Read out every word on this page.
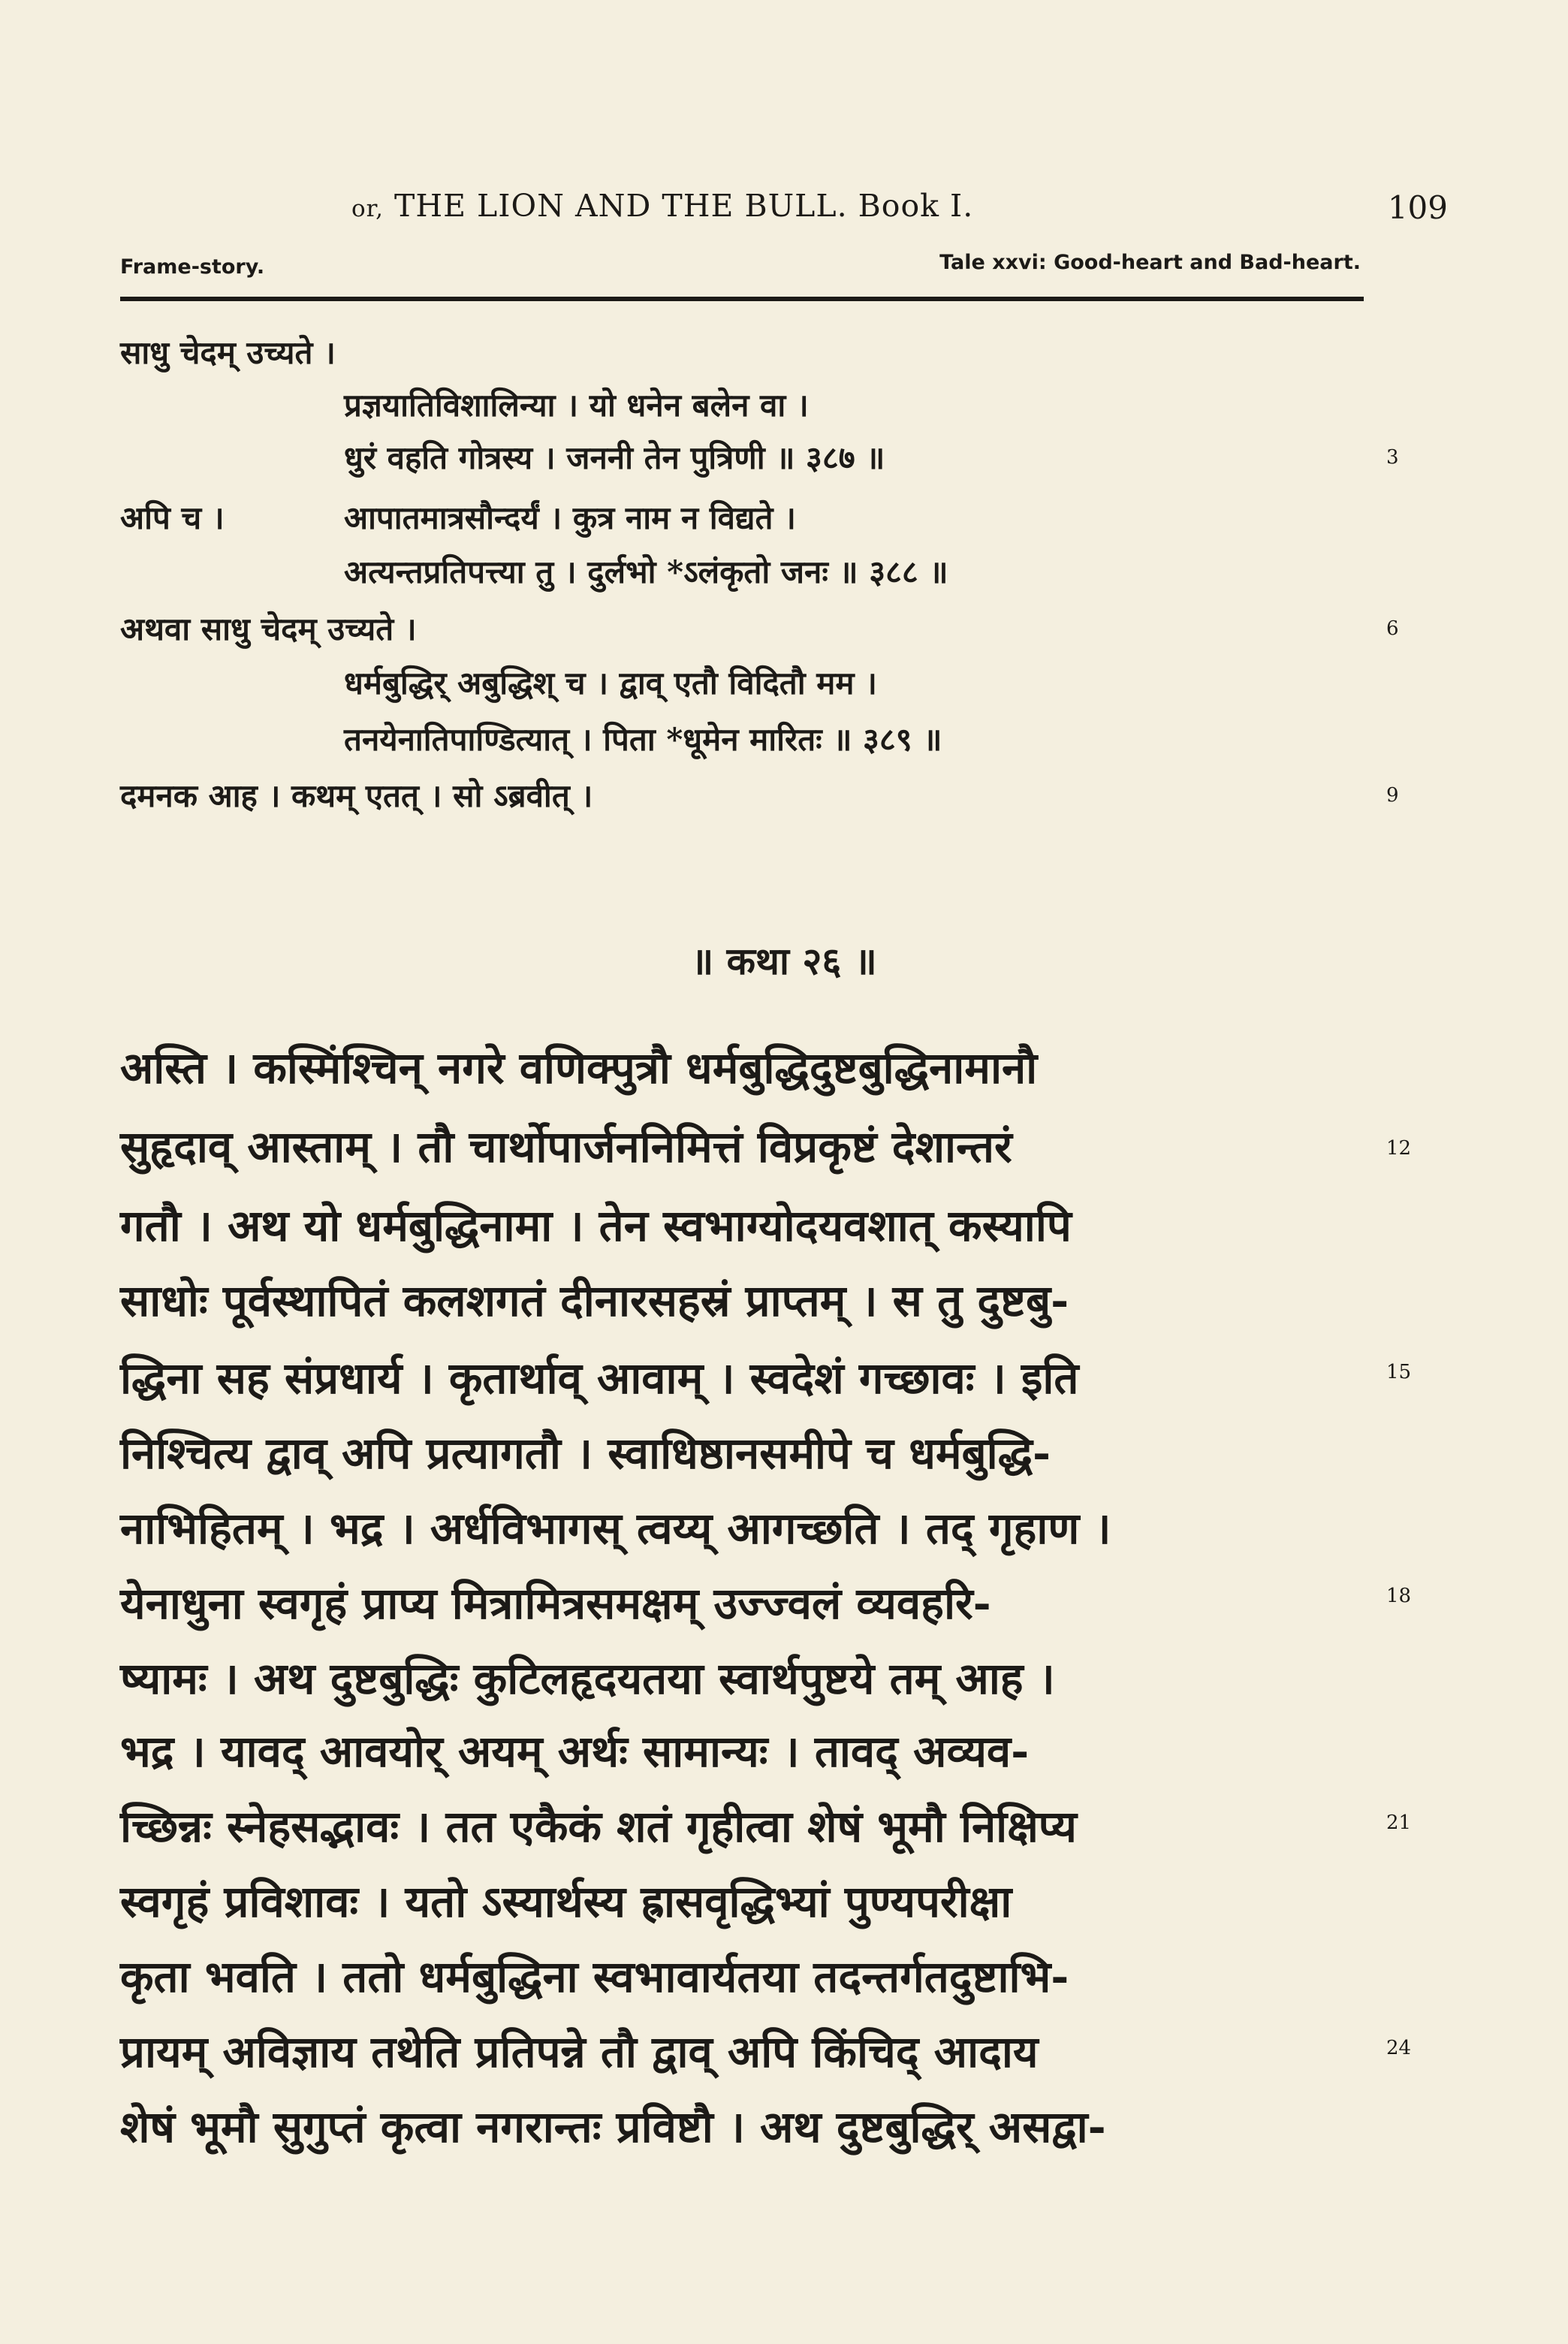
or, THE LION AND THE BULL. Book I.	109
Frame-story.	Tale xxvi: Good-heart and Bad-heart.
साधु चेदम् उच्यते ।
प्रज्ञयातिविशालिन्या । यो धनेन बलेन वा ।
धुरं वहति गोत्रस्य । जननी तेन पुत्रिणी ॥ ३८७ ॥	3
अपि च ।	आपातमात्रसौन्दर्यं । कुत्र नाम न विद्यते ।
अत्यन्तप्रतिपत्त्या तु । दुर्लभो *ऽलंकृतो जनः ॥ ३८८ ॥
अथवा साधु चेदम् उच्यते ।	6
धर्मबुद्धिर् अबुद्धिश् च । द्वाव् एतौ विदितौ मम ।
तनयेनातिपाण्डित्यात् । पिता *धूमेन मारितः ॥ ३८९ ॥
दमनक आह । कथम् एतत् । सो ऽब्रवीत् ।	9
॥ कथा २६ ॥
अस्ति । कस्मिंश्चिन् नगरे वणिक्पुत्रौ धर्मबुद्धिदुष्टबुद्धिनामानौ
सुहृदाव् आस्ताम् । तौ चार्थोपार्जननिमित्तं विप्रकृष्टं देशान्तरं	12
गतौ । अथ यो धर्मबुद्धिनामा । तेन स्वभाग्योदयवशात् कस्यापि
साधोः पूर्वस्थापितं कलशगतं दीनारसहस्रं प्राप्तम् । स तु दुष्टबु-
द्धिना सह संप्रधार्य । कृतार्थाव् आवाम् । स्वदेशं गच्छावः । इति	15
निश्चित्य द्वाव् अपि प्रत्यागतौ । स्वाधिष्ठानसमीपे च धर्मबुद्धि-
नाभिहितम् । भद्र । अर्धविभागस् त्वय्य् आगच्छति । तद् गृहाण ।
येनाधुना स्वगृहं प्राप्य मित्रामित्रसमक्षम् उज्ज्वलं व्यवहरि-	18
ष्यामः । अथ दुष्टबुद्धिः कुटिलहृदयतया स्वार्थपुष्टये तम् आह ।
भद्र । यावद् आवयोर् अयम् अर्थः सामान्यः । तावद् अव्यव-
च्छिन्नः स्नेहसद्भावः । तत एकैकं शतं गृहीत्वा शेषं भूमौ निक्षिप्य	21
स्वगृहं प्रविशावः । यतो ऽस्यार्थस्य ह्रासवृद्धिभ्यां पुण्यपरीक्षा
कृता भवति । ततो धर्मबुद्धिना स्वभावार्यतया तदन्तर्गतदुष्टाभि-
प्रायम् अविज्ञाय तथेति प्रतिपन्ने तौ द्वाव् अपि किंचिद् आदाय	24
शेषं भूमौ सुगुप्तं कृत्वा नगरान्तः प्रविष्टौ । अथ दुष्टबुद्धिर् असद्वा-
